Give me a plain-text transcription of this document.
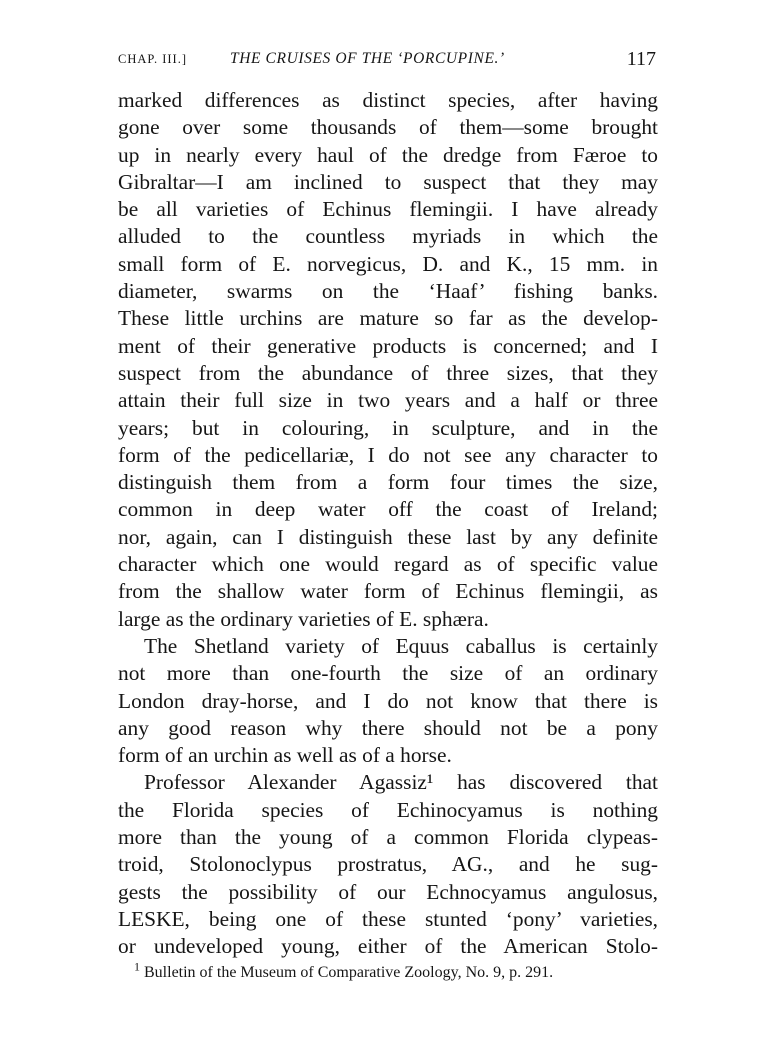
CHAP. III.]	THE CRUISES OF THE ‘PORCUPINE.’	117
marked differences as distinct species, after having
gone over some thousands of them—some brought
up in nearly every haul of the dredge from Færoe to
Gibraltar—I am inclined to suspect that they may
be all varieties of Echinus flemingii. I have already
alluded to the countless myriads in which the
small form of E. norvegicus, D. and K., 15 mm. in
diameter, swarms on the ‘Haaf’ fishing banks.
These little urchins are mature so far as the develop-
ment of their generative products is concerned; and I
suspect from the abundance of three sizes, that they
attain their full size in two years and a half or three
years; but in colouring, in sculpture, and in the
form of the pedicellariæ, I do not see any character to
distinguish them from a form four times the size,
common in deep water off the coast of Ireland;
nor, again, can I distinguish these last by any definite
character which one would regard as of specific value
from the shallow water form of Echinus flemingii, as
large as the ordinary varieties of E. sphæra.
The Shetland variety of Equus caballus is certainly
not more than one-fourth the size of an ordinary
London dray-horse, and I do not know that there is
any good reason why there should not be a pony
form of an urchin as well as of a horse.
Professor Alexander Agassiz¹ has discovered that
the Florida species of Echinocyamus is nothing
more than the young of a common Florida clypeas-
troid, Stolonoclypus prostratus, AG., and he sug-
gests the possibility of our Echnocyamus angulosus,
LESKE, being one of these stunted ‘pony’ varieties,
or undeveloped young, either of the American Stolo-
$^1$ Bulletin of the Museum of Comparative Zoology, No. 9, p. 291.
